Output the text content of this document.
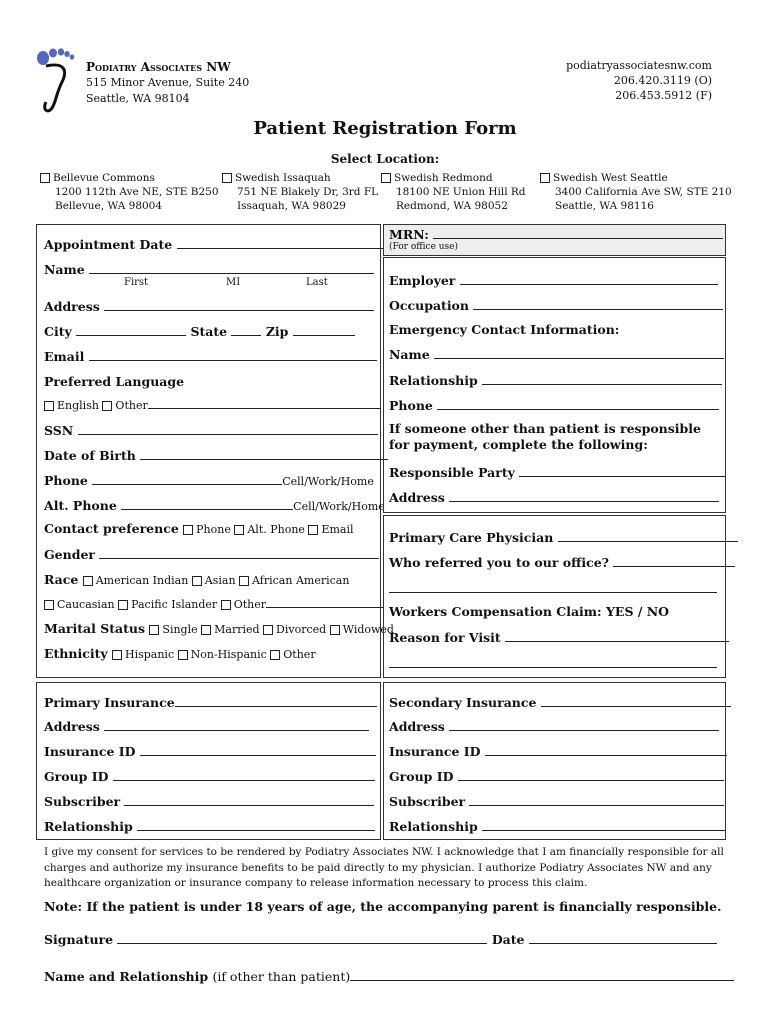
Podiatry Associates NW
515 Minor Avenue, Suite 240
Seattle, WA 98104
podiatryassociatesnw.com
206.420.3119 (O)
206.453.5912 (F)
Patient Registration Form
Select Location:
Bellevue Commons
1200 112th Ave NE, STE B250
Bellevue, WA 98004
Swedish Issaquah
751 NE Blakely Dr, 3rd FL
Issaquah, WA 98029
Swedish Redmond
18100 NE Union Hill Rd
Redmond, WA 98052
Swedish West Seattle
3400 California Ave SW, STE 210
Seattle, WA 98116
Appointment Date
Name
First	MI	Last
Address
City	State	Zip
Email
Preferred Language
English Other
SSN
Date of Birth
Phone	Cell/Work/Home
Alt. Phone	Cell/Work/Home
Contact preference Phone Alt. Phone Email
Gender
Race American Indian Asian African American
Caucasian Pacific Islander Other
Marital Status Single Married Divorced Widowed
Ethnicity Hispanic Non-Hispanic Other
MRN:
(For office use)
Employer
Occupation
Emergency Contact Information:
Name
Relationship
Phone
If someone other than patient is responsible for payment, complete the following:
Responsible Party
Address
Primary Care Physician
Who referred you to our office?
Workers Compensation Claim: YES / NO
Reason for Visit
Primary Insurance
Address
Insurance ID
Group ID
Subscriber
Relationship
Secondary Insurance
Address
Insurance ID
Group ID
Subscriber
Relationship
I give my consent for services to be rendered by Podiatry Associates NW. I acknowledge that I am financially responsible for all charges and authorize my insurance benefits to be paid directly to my physician. I authorize Podiatry Associates NW and any healthcare organization or insurance company to release information necessary to process this claim.
Note: If the patient is under 18 years of age, the accompanying parent is financially responsible.
Signature	Date
Name and Relationship (if other than patient)
